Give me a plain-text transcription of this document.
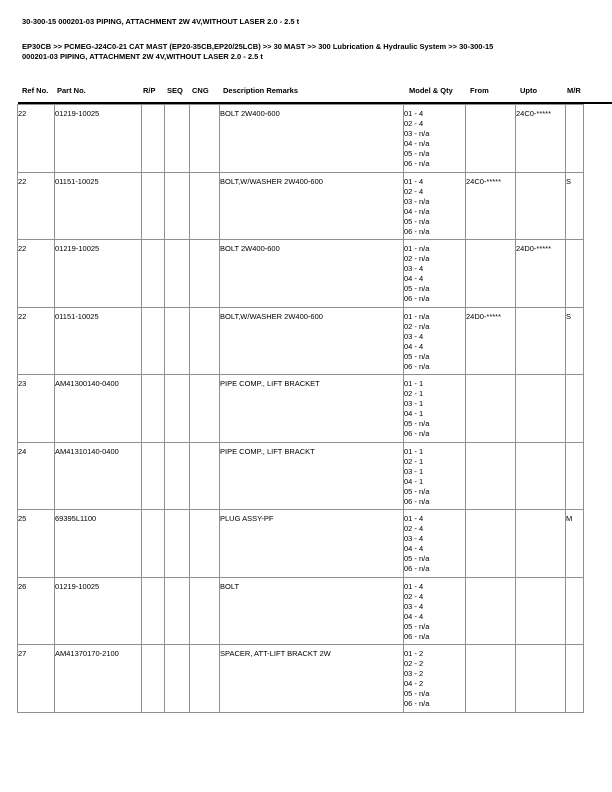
30-300-15 000201-03 PIPING, ATTACHMENT 2W 4V,WITHOUT LASER 2.0 - 2.5 t
EP30CB >> PCMEG-J24C0-21 CAT MAST (EP20-35CB,EP20/25LCB) >> 30 MAST >> 300 Lubrication & Hydraulic System >> 30-300-15
000201-03 PIPING, ATTACHMENT 2W 4V,WITHOUT LASER 2.0 - 2.5 t
Ref No. Part No.	R/P SEQ CNG Description Remarks	Model & Qty From	Upto	M/R
22	01219-10025				BOLT 2W400-600	01 - 4
02 - 4
03 - n/a
04 - n/a
05 - n/a
06 - n/a
		24C0-*****	
22	01151-10025				BOLT,W/WASHER 2W400-600	01 - 4
02 - 4
03 - n/a
04 - n/a
05 - n/a
06 - n/a
	24C0-*****		S
22	01219-10025				BOLT 2W400-600	01 - n/a
02 - n/a
03 - 4
04 - 4
05 - n/a
06 - n/a
		24D0-*****	
22	01151-10025				BOLT,W/WASHER 2W400-600	01 - n/a
02 - n/a
03 - 4
04 - 4
05 - n/a
06 - n/a
	24D0-*****		S
23	AM41300140-0400				PIPE COMP., LIFT BRACKET	01 - 1
02 - 1
03 - 1
04 - 1
05 - n/a
06 - n/a

24	AM41310140-0400				PIPE COMP., LIFT BRACKT	01 - 1
02 - 1
03 - 1
04 - 1
05 - n/a
06 - n/a

25	69395L1100				PLUG ASSY-PF	01 - 4
02 - 4
03 - 4
04 - 4
05 - n/a
06 - n/a
			M
26	01219-10025				BOLT	01 - 4
02 - 4
03 - 4
04 - 4
05 - n/a
06 - n/a

27	AM41370170-2100				SPACER, ATT-LIFT BRACKT 2W	01 - 2
02 - 2
03 - 2
04 - 2
05 - n/a
06 - n/a
